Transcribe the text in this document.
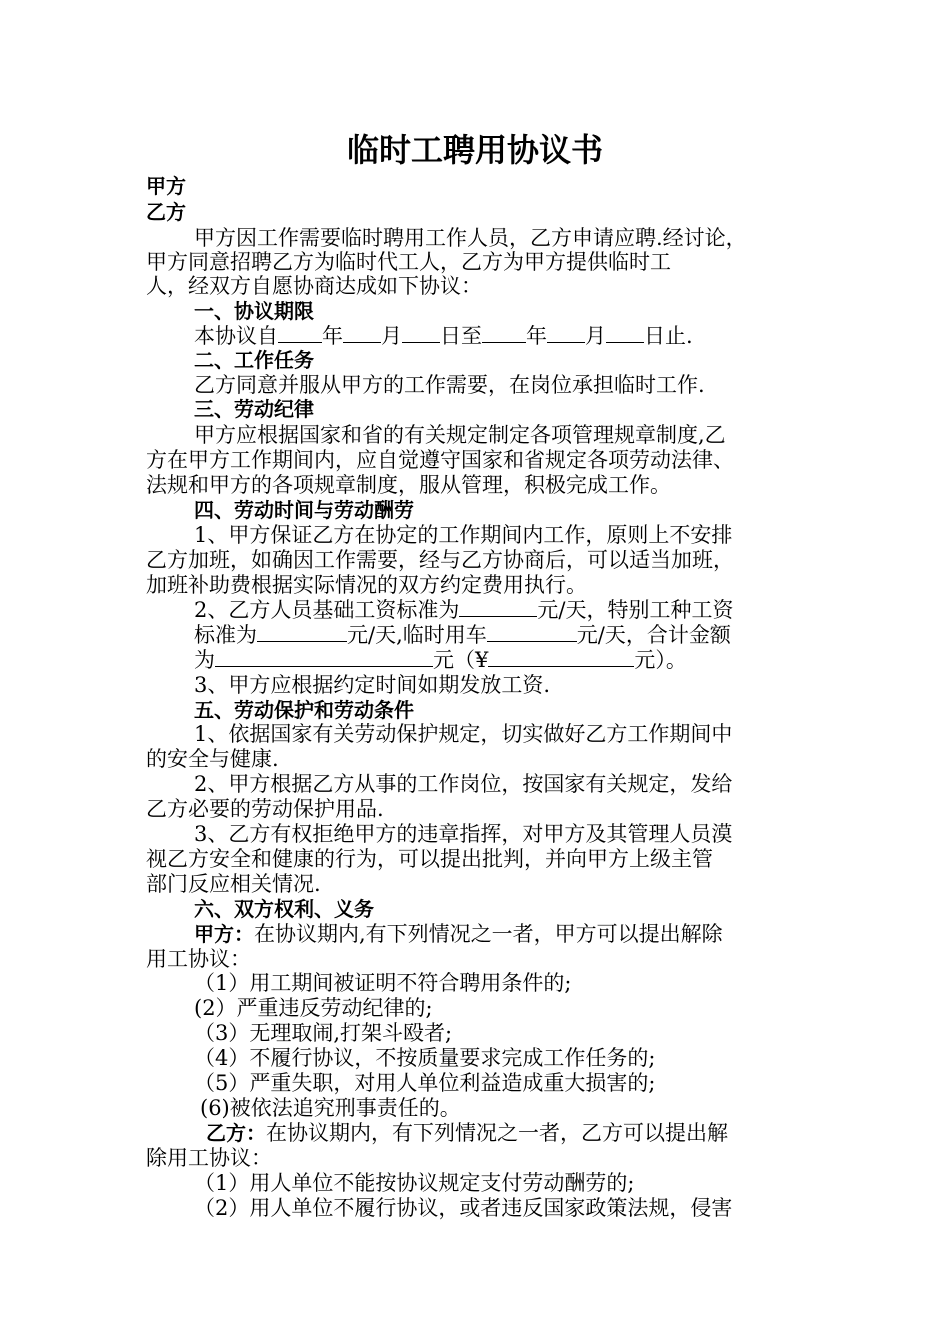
临时工聘用协议书
甲方
乙方
甲方因工作需要临时聘用工作人员，乙方申请应聘.经讨论，
甲方同意招聘乙方为临时代工人，乙方为甲方提供临时工
人，经双方自愿协商达成如下协议：
一、协议期限
本协议自 年 月 日至 年 月 日止.
二、工作任务
乙方同意并服从甲方的工作需要，在岗位承担临时工作.
三、劳动纪律
甲方应根据国家和省的有关规定制定各项管理规章制度,乙
方在甲方工作期间内，应自觉遵守国家和省规定各项劳动法律、
法规和甲方的各项规章制度，服从管理，积极完成工作。
四、劳动时间与劳动酬劳
1、甲方保证乙方在协定的工作期间内工作，原则上不安排
乙方加班，如确因工作需要，经与乙方协商后，可以适当加班，
加班补助费根据实际情况的双方约定费用执行。
2、乙方人员基础工资标准为	元/天，特别工种工资
标准为	元/天,临时用车	元/天，合计金额
为	元（¥	元）。
3、甲方应根据约定时间如期发放工资.
五、劳动保护和劳动条件
1、依据国家有关劳动保护规定，切实做好乙方工作期间中
的安全与健康.
2、甲方根据乙方从事的工作岗位，按国家有关规定，发给
乙方必要的劳动保护用品.
3、乙方有权拒绝甲方的违章指挥，对甲方及其管理人员漠
视乙方安全和健康的行为，可以提出批判，并向甲方上级主管
部门反应相关情况.
六、双方权利、义务
甲方：在协议期内,有下列情况之一者，甲方可以提出解除
用工协议：
（1）用工期间被证明不符合聘用条件的;
(2）严重违反劳动纪律的;
（3）无理取闹,打架斗殴者;
（4）不履行协议，不按质量要求完成工作任务的;
（5）严重失职，对用人单位利益造成重大损害的;
(6)被依法追究刑事责任的。
乙方：在协议期内，有下列情况之一者，乙方可以提出解
除用工协议：
（1）用人单位不能按协议规定支付劳动酬劳的;
（2）用人单位不履行协议，或者违反国家政策法规，侵害
